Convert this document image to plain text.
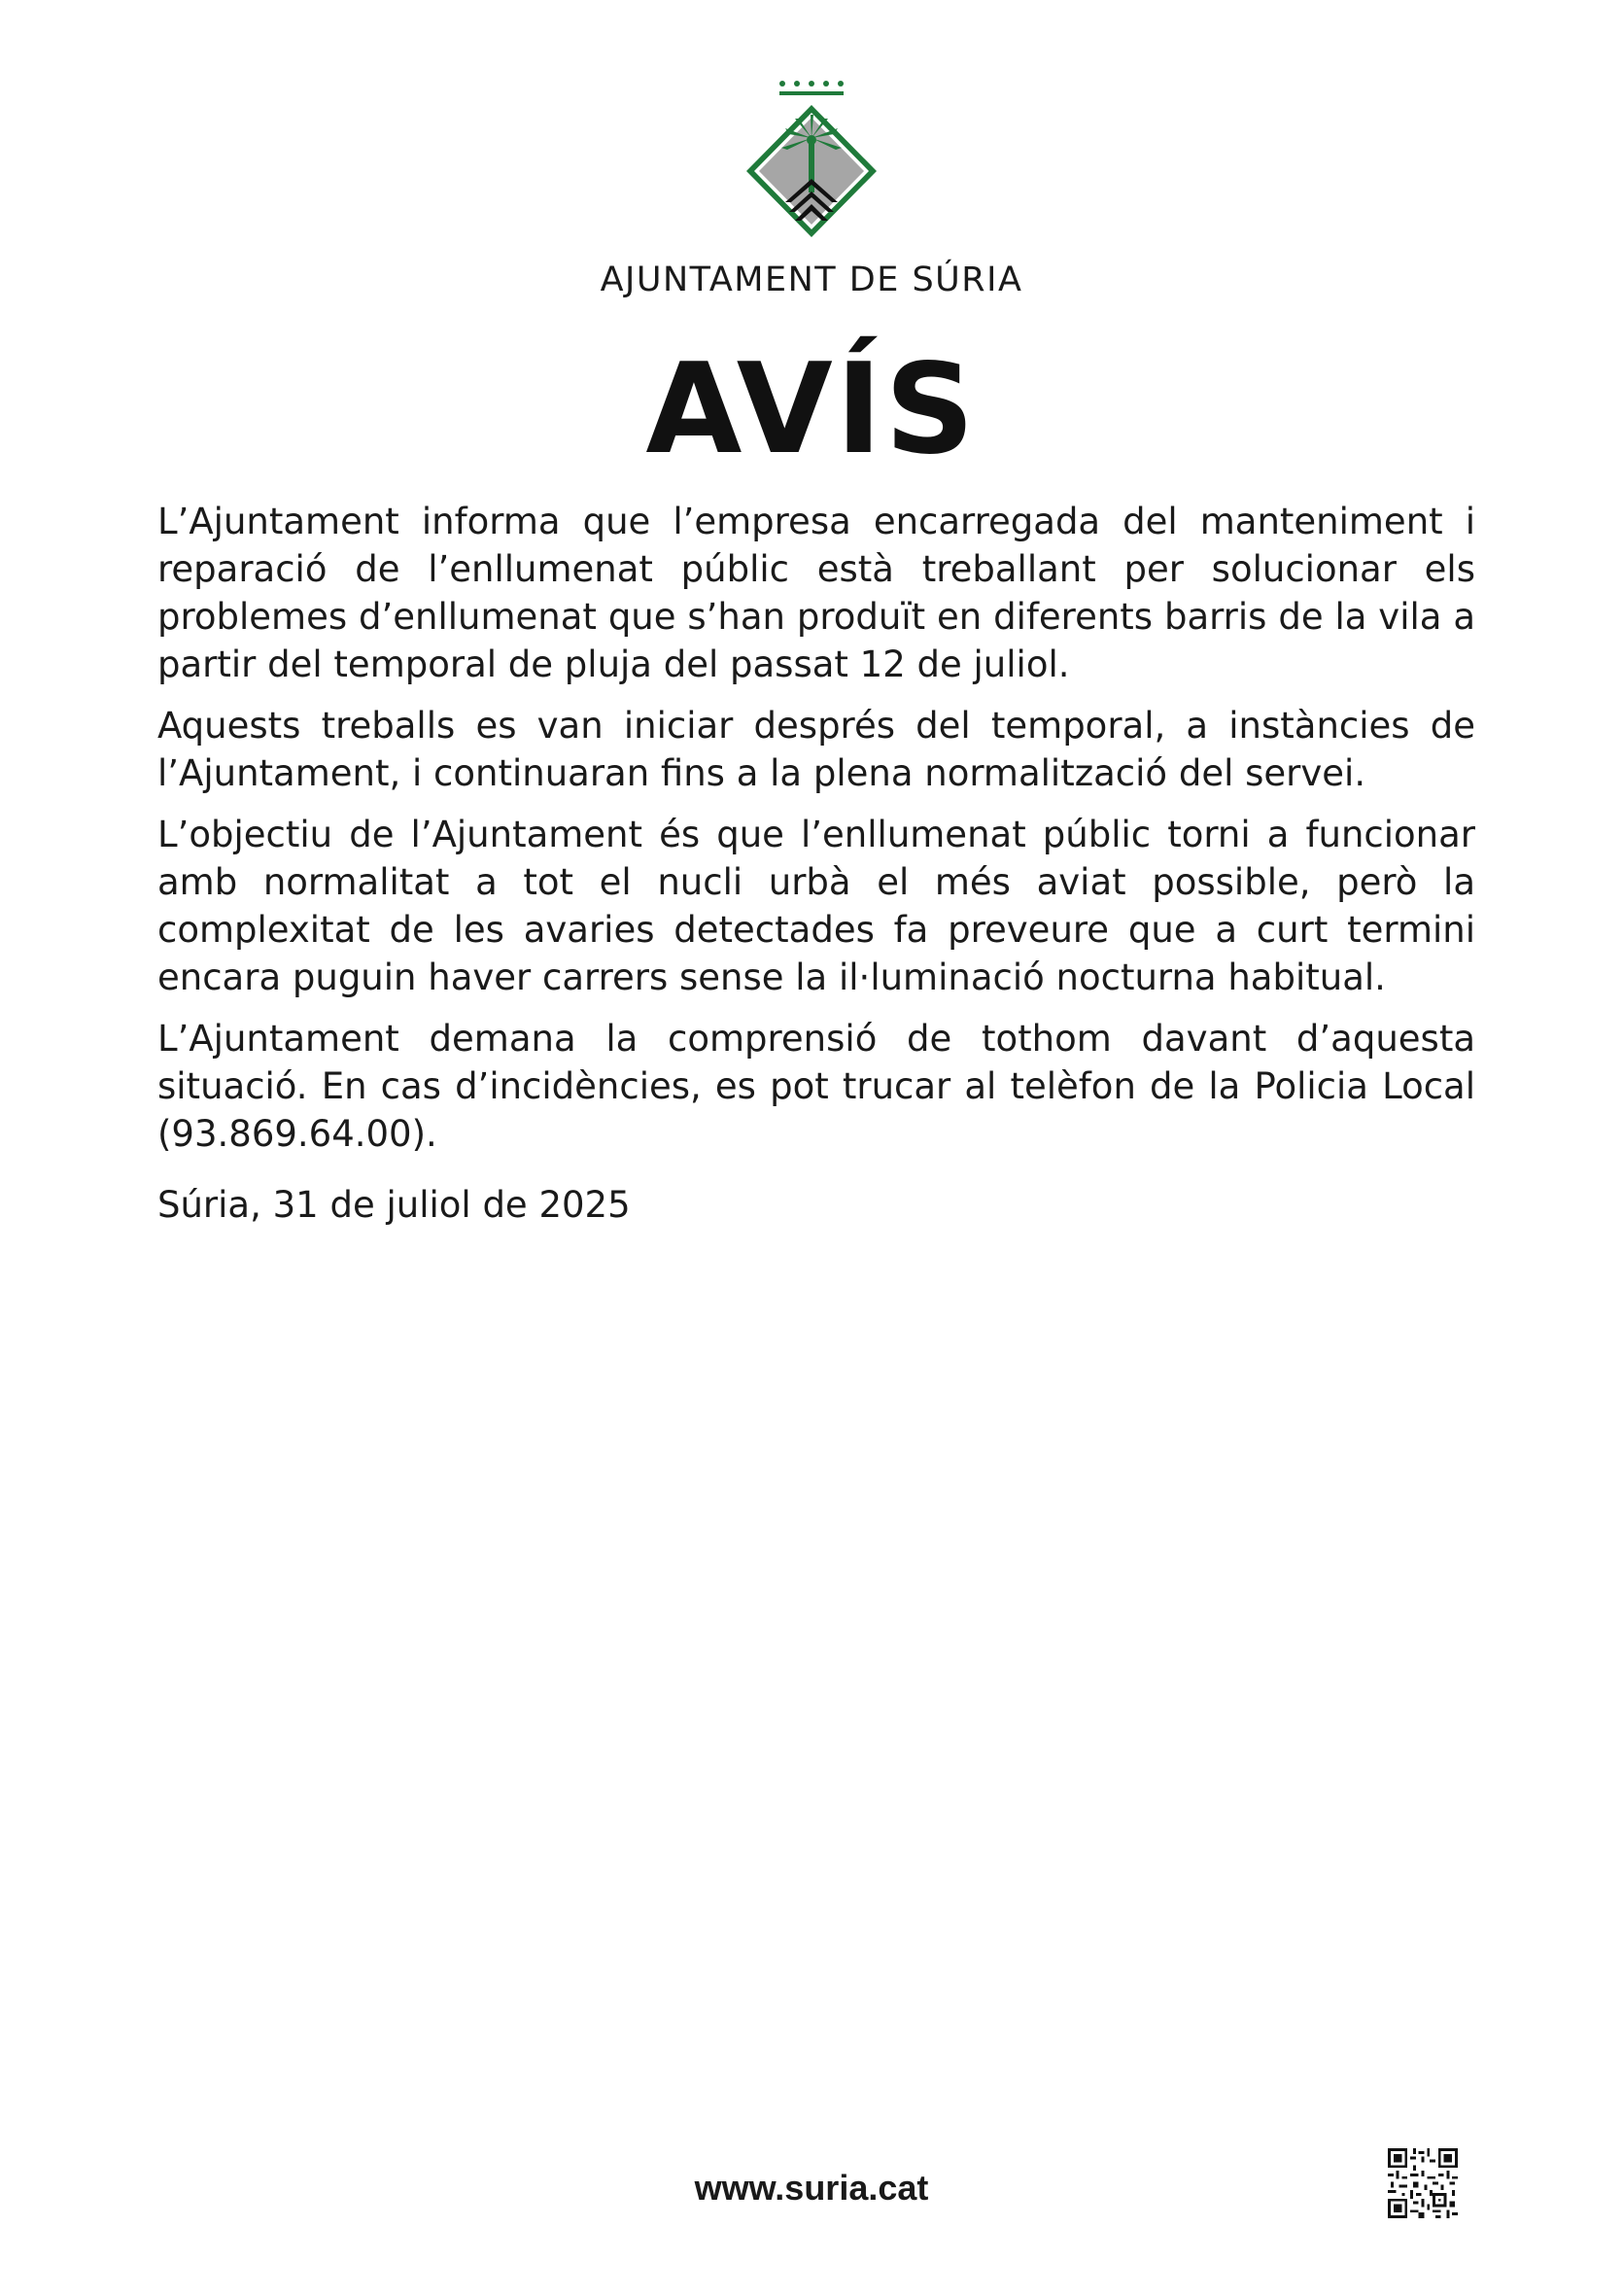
AJUNTAMENT DE SÚRIA
AVÍS

L’Ajuntament informa que l’empresa encarregada del manteniment i reparació de l’enllumenat públic està treballant per solucionar els problemes d’enllumenat que s’han produït en diferents barris de la vila a partir del temporal de pluja del passat 12 de juliol.

Aquests treballs es van iniciar després del temporal, a instàncies de l’Ajuntament, i continuaran fins a la plena normalització del servei.

L’objectiu de l’Ajuntament és que l’enllumenat públic torni a funcionar amb normalitat a tot el nucli urbà el més aviat possible, però la complexitat de les avaries detectades fa preveure que a curt termini encara puguin haver carrers sense la il·luminació nocturna habitual.

L’Ajuntament demana la comprensió de tothom davant d’aquesta situació. En cas d’incidències, es pot trucar al telèfon de la Policia Local (93.869.64.00).

Súria, 31 de juliol de 2025

www.suria.cat
